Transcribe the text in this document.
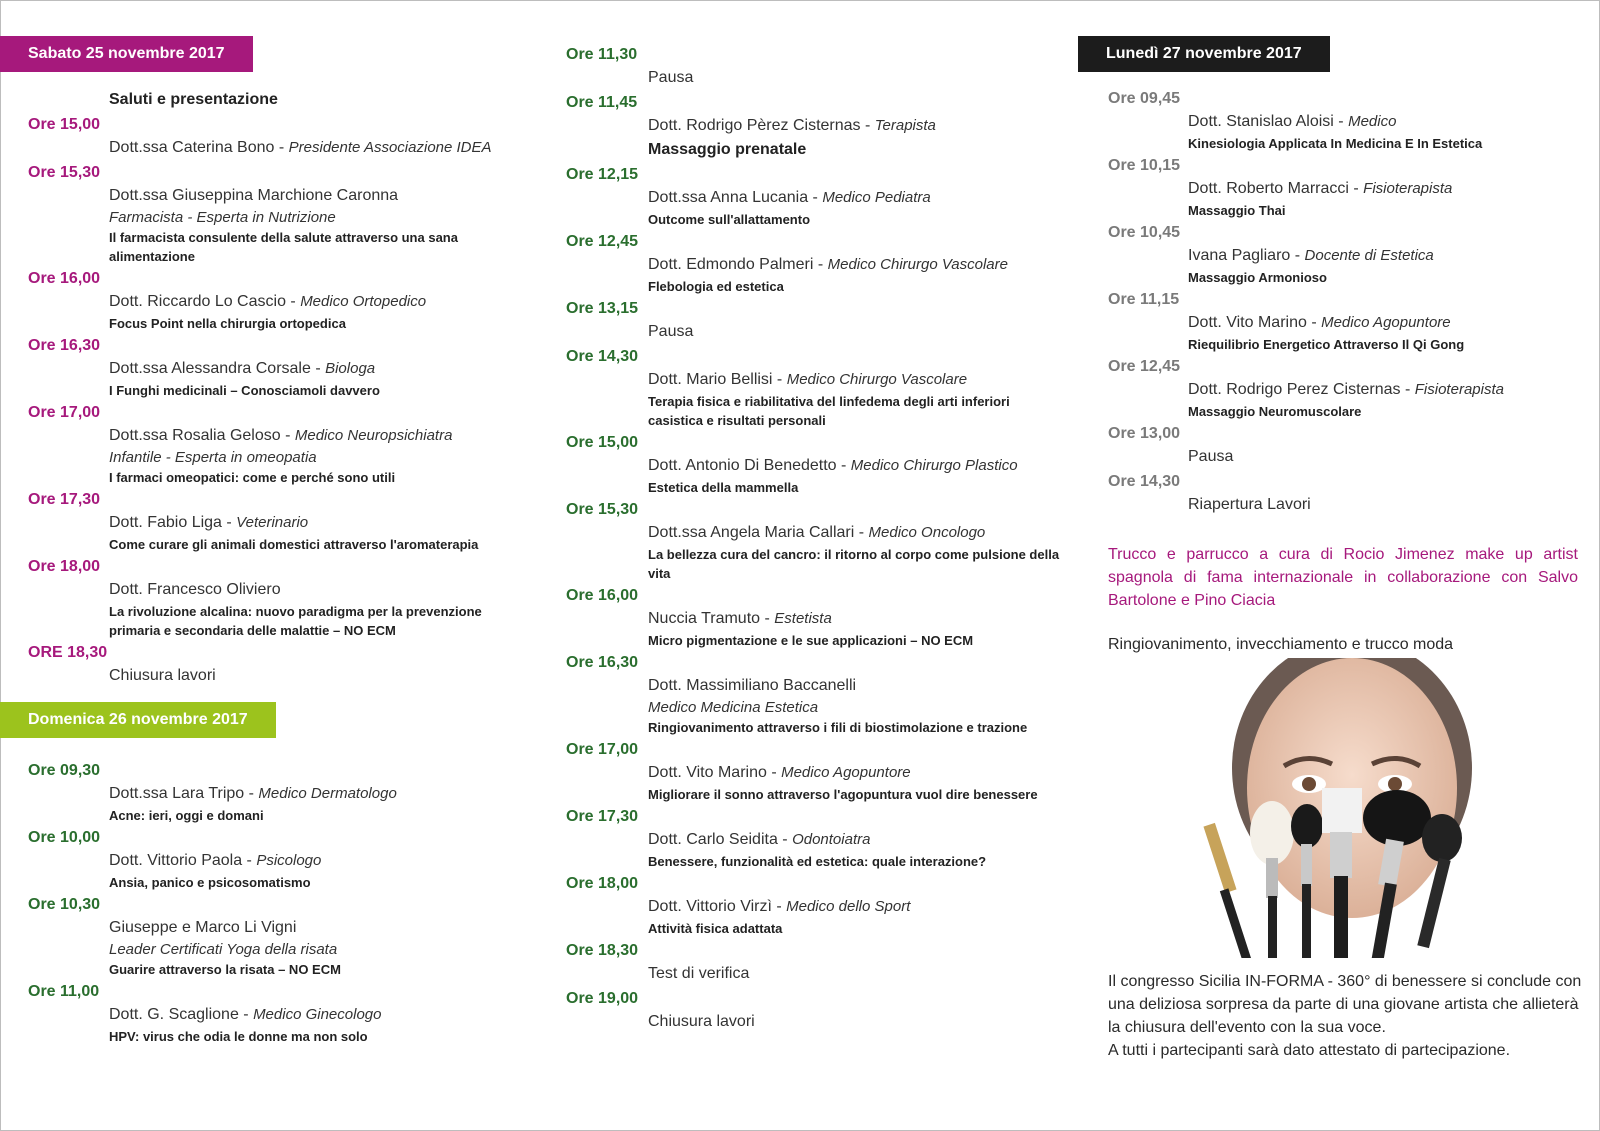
Sabato 25 novembre 2017
Saluti e presentazione
Ore 15,00
Dott.ssa Caterina Bono - Presidente Associazione IDEA
Ore 15,30
Dott.ssa Giuseppina Marchione Caronna
Farmacista - Esperta in Nutrizione
Il farmacista consulente della salute attraverso una sana alimentazione
Ore 16,00
Dott. Riccardo Lo Cascio - Medico Ortopedico
Focus Point nella chirurgia ortopedica
Ore 16,30
Dott.ssa Alessandra Corsale - Biologa
I Funghi medicinali – Conosciamoli davvero
Ore 17,00
Dott.ssa Rosalia Geloso - Medico Neuropsichiatra
Infantile - Esperta in omeopatia
I farmaci omeopatici: come e perché sono utili
Ore 17,30
Dott. Fabio Liga - Veterinario
Come curare gli animali domestici attraverso l'aromaterapia
Ore 18,00
Dott. Francesco Oliviero
La rivoluzione alcalina: nuovo paradigma per la prevenzione primaria e secondaria delle malattie – NO ECM
ORE 18,30
Chiusura lavori
Domenica 26 novembre 2017
Ore 09,30
Dott.ssa Lara Tripo - Medico Dermatologo
Acne: ieri, oggi e domani
Ore 10,00
Dott. Vittorio Paola - Psicologo
Ansia, panico e psicosomatismo
Ore 10,30
Giuseppe e Marco Li Vigni
Leader Certificati Yoga della risata
Guarire attraverso la risata – NO ECM
Ore 11,00
Dott. G. Scaglione - Medico Ginecologo
HPV: virus che odia le donne ma non solo
Ore 11,30
Pausa
Ore 11,45
Dott. Rodrigo Pèrez Cisternas - Terapista
Massaggio prenatale
Ore 12,15
Dott.ssa Anna Lucania - Medico Pediatra
Outcome sull'allattamento
Ore 12,45
Dott. Edmondo Palmeri - Medico Chirurgo Vascolare
Flebologia ed estetica
Ore 13,15
Pausa
Ore 14,30
Dott. Mario Bellisi - Medico Chirurgo Vascolare
Terapia fisica e riabilitativa del linfedema degli arti inferiori casistica e risultati personali
Ore 15,00
Dott. Antonio Di Benedetto - Medico Chirurgo Plastico
Estetica della mammella
Ore 15,30
Dott.ssa Angela Maria Callari - Medico Oncologo
La bellezza cura del cancro: il ritorno al corpo come pulsione della vita
Ore 16,00
Nuccia Tramuto - Estetista
Micro pigmentazione e le sue applicazioni – NO ECM
Ore 16,30
Dott. Massimiliano Baccanelli
Medico Medicina Estetica
Ringiovanimento attraverso i fili di biostimolazione e trazione
Ore 17,00
Dott. Vito Marino - Medico Agopuntore
Migliorare il sonno attraverso l'agopuntura vuol dire benessere
Ore 17,30
Dott. Carlo Seidita - Odontoiatra
Benessere, funzionalità ed estetica: quale interazione?
Ore 18,00
Dott. Vittorio Virzì - Medico dello Sport
Attività fisica adattata
Ore 18,30
Test di verifica
Ore 19,00
Chiusura lavori
Lunedì 27 novembre 2017
Ore 09,45
Dott. Stanislao Aloisi - Medico
Kinesiologia Applicata In Medicina E In Estetica
Ore 10,15
Dott. Roberto Marracci - Fisioterapista
Massaggio Thai
Ore 10,45
Ivana Pagliaro - Docente di Estetica
Massaggio Armonioso
Ore 11,15
Dott. Vito Marino - Medico Agopuntore
Riequilibrio Energetico Attraverso Il Qi Gong
Ore 12,45
Dott. Rodrigo Perez Cisternas - Fisioterapista
Massaggio Neuromuscolare
Ore 13,00
Pausa
Ore 14,30
Riapertura Lavori
Trucco e parrucco a cura di Rocio Jimenez make up artist spagnola di fama internazionale in collaborazione con Salvo Bartolone e Pino Ciacia
Ringiovanimento, invecchiamento e trucco moda
Il congresso Sicilia IN-FORMA - 360° di benessere si conclude con una deliziosa sorpresa da parte di una giovane artista che allieterà la chiusura dell'evento con la sua voce.
A tutti i partecipanti sarà dato attestato di partecipazione.
